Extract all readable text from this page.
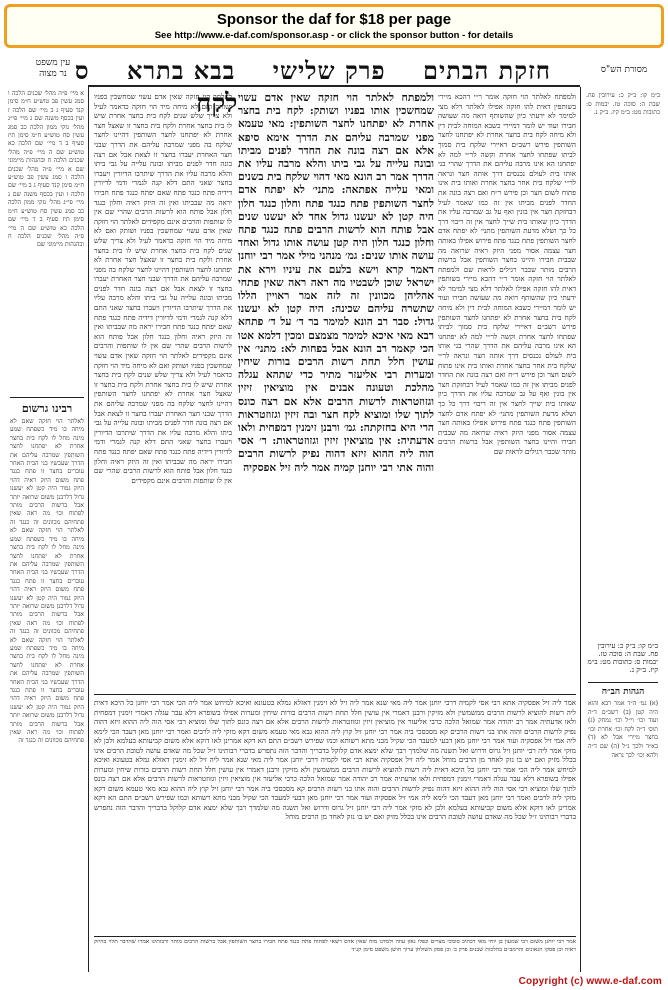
Sponsor the daf for $18 per page
See http://www.e-daf.com/sponsor.asp - or click the sponsor button - for details
חזקת הבתים    פרק שלישי    בבא בתרא    ס
עין משפט
נר מצוה	מסורת הש"ס
א מיי׳ פ״ה מהל׳ שכנים הלכה ו סמג עשין פב טוש״ע ח״מ סימן קנד סעיף ג ב מיי׳ שם הלכה ז ועין בכסף משנה שם ג מיי׳ פי״ג מהל׳ נזקי ממון הלכה כב סמג עשין סח טוש״ע ח״מ סימן תיז סעיף ב ד מיי׳ שם הלכה כא טוש״ע שם ה מיי׳ פ״ה מהל׳ שכנים הלכה ח ובהגהות מיימוני שם א מיי׳ פ״ה מהל׳ שכנים הלכה ו סמג עשין פב טוש״ע ח״מ סימן קנד סעיף ג ב מיי׳ שם הלכה ז ועין בכסף משנה שם ג מיי׳ פי״ג מהל׳ נזקי ממון הלכה כב סמג עשין סח טוש״ע ח״מ סימן תיז סעיף ב ד מיי׳ שם הלכה כא טוש״ע שם ה מיי׳ פ״ה מהל׳ שכנים הלכה ח ובהגהות מיימוני שם
רבינו גרשום
לאלתר הוי חזקה שאם לא מיחה בו מיד כשפתח שמע מינה מחל לו לקח בית בחצר אחרת לא יפתחנו לחצר השותפין שמרבה עליהם את הדרך שעכשיו בני הבית האחר עוברים בחצר זו פתח כנגד פתח משום היזק ראיה דהוי היזק גמור היה קטן לא יעשנו גדול דלרבנן משום שרואה יותר אבל ברשות הרבים מותר לפתוח וכו׳ מה ראה שאין פתחיהם מכוונים זה כנגד זה לאלתר הוי חזקה שאם לא מיחה בו מיד כשפתח שמע מינה מחל לו לקח בית בחצר אחרת לא יפתחנו לחצר השותפין שמרבה עליהם את הדרך שעכשיו בני הבית האחר עוברים בחצר זו פתח כנגד פתח משום היזק ראיה דהוי היזק גמור היה קטן לא יעשנו גדול דלרבנן משום שרואה יותר אבל ברשות הרבים מותר לפתוח וכו׳ מה ראה שאין פתחיהם מכוונים זה כנגד זה לאלתר הוי חזקה שאם לא מיחה בו מיד כשפתח שמע מינה מחל לו לקח בית בחצר אחרת לא יפתחנו לחצר השותפין שמרבה עליהם את הדרך שעכשיו בני הבית האחר עוברים בחצר זו פתח כנגד פתח משום היזק ראיה דהוי היזק גמור היה קטן לא יעשנו גדול דלרבנן משום שרואה יותר אבל ברשות הרבים מותר לפתוח וכו׳ מה ראה שאין פתחיהם מכוונים זה כנגד זה
ב״מ קו: ב״ק כ: עירובין פח. שבת ה: סוכה טז. יבמות ס: כתובות מט: ב״מ קיז. ב״ק נ.
ב״מ קו: ב״ק כ: עירובין פח. שבת ה: סוכה טז. יבמות ס: כתובות מט: ב״מ קיז. ב״ק נ.
הגהות הב״ח
(א) גמ׳ ה״ד אמר רבא והוא היה קטן (ב) רשב״ם ד״ה ועוד וכו׳ וי״ל וכו׳ נמחק (ג) תוס׳ ד״ה לקח וכו׳ אחרת וכו׳ בחצר מיירי אבל לא (ד) בא״ד ולכך נ״ל (ה) שם ד״ה ולהא וכו׳ לכך נראה
ולמפתח לאלתר הוי חזקה אומר ר״י דהכא מיירי בשותפין דאית להו חזקה אפילו לאלתר דלא מצי למימר לא ידעתי כיון שהשותף רואה מה שעושה חבירו ועוד יש לומר דמיירי כשבא המוחה לבית דין ולא מיחה לקח בית בחצר אחרת לא יפתחנו לחצר השותפין פירש רשב״ם דאיירי שלקח בית סמוך לביתו שפתחו לחצר אחרת וקשה לר״י למה לא יפתחנו הא אינו מרבה עליהם את הדרך שהרי בני אותו בית לעולם נכנסים דרך אותה חצר ונראה לר״י שלקח בית אחר בחצר אחרת ואותו בית אינו פתוח לשום חצר וכן פירש ר״ח ואם רצה בונה את החדר לפנים מביתו אין זה כמו שאמר לעיל דבחזקת חצר אין בונין ואף על גב שמרבה עליו את הדרך כיון שאותו בית שייך לחצר אין זה ריבוי דרך כל כך ושלא מדעת השותפין מתני׳ לא יפתח אדם לחצר השותפין פתח כנגד פתח פירוש אפילו באותה חצר עצמה אסור מפני היזק ראיה שרואה מה שבבית חבירו והיינו בחצר השותפין אבל ברשות הרבים מותר שכבר רגילים לראות שם ולמפתח לאלתר הוי חזקה אומר ר״י דהכא מיירי בשותפין דאית להו חזקה אפילו לאלתר דלא מצי למימר לא ידעתי כיון שהשותף רואה מה שעושה חבירו ועוד יש לומר דמיירי כשבא המוחה לבית דין ולא מיחה לקח בית בחצר אחרת לא יפתחנו לחצר השותפין פירש רשב״ם דאיירי שלקח בית סמוך לביתו שפתחו לחצר אחרת וקשה לר״י למה לא יפתחנו הא אינו מרבה עליהם את הדרך שהרי בני אותו בית לעולם נכנסים דרך אותה חצר ונראה לר״י שלקח בית אחר בחצר אחרת ואותו בית אינו פתוח לשום חצר וכן פירש ר״ח ואם רצה בונה את החדר לפנים מביתו אין זה כמו שאמר לעיל דבחזקת חצר אין בונין ואף על גב שמרבה עליו את הדרך כיון שאותו בית שייך לחצר אין זה ריבוי דרך כל כך ושלא מדעת השותפין מתני׳ לא יפתח אדם לחצר השותפין פתח כנגד פתח פירוש אפילו באותה חצר עצמה אסור מפני היזק ראיה שרואה מה שבבית חבירו והיינו בחצר השותפין אבל ברשות הרבים מותר שכבר רגילים לראות שם
לאלתר הוי חזקה שאין אדם עשוי שמחשכין בפניו ושותק ואם לא מיחה מיד הוי חזקה כדאמר לעיל ולא צריך שלש שנים לקח בית בחצר אחרת שיש לו בית בחצר אחרת ולקח בית בחצר זו שאצל חצר אחרת לא יפתחנו לחצר השותפין דהיינו לחצר שלקח בה מפני שמרבה עליהם את הדרך שבני חצר האחרת יעברו בחצר זו לצאת אבל אם רצה בונה חדר לפנים מביתו ובונה עלייה על גבי ביתו והלא מרבה עליו את הדרך שיתרבו הדיורין ויעברו בחצר שאני התם דלא קנה לגמרי ודמי לדיורין דידיה פתח כנגד פתח שאם יפתח כנגד פתח חבירו יראה מה שבביתו ואין זה היזק ראיה וחלון כנגד חלון אבל פותח הוא לרשות הרבים שהרי שם אין לו שותפות והרבים אינם מקפידים לאלתר הוי חזקה שאין אדם עשוי שמחשכין בפניו ושותק ואם לא מיחה מיד הוי חזקה כדאמר לעיל ולא צריך שלש שנים לקח בית בחצר אחרת שיש לו בית בחצר אחרת ולקח בית בחצר זו שאצל חצר אחרת לא יפתחנו לחצר השותפין דהיינו לחצר שלקח בה מפני שמרבה עליהם את הדרך שבני חצר האחרת יעברו בחצר זו לצאת אבל אם רצה בונה חדר לפנים מביתו ובונה עלייה על גבי ביתו והלא מרבה עליו את הדרך שיתרבו הדיורין ויעברו בחצר שאני התם דלא קנה לגמרי ודמי לדיורין דידיה פתח כנגד פתח שאם יפתח כנגד פתח חבירו יראה מה שבביתו ואין זה היזק ראיה וחלון כנגד חלון אבל פותח הוא לרשות הרבים שהרי שם אין לו שותפות והרבים אינם מקפידים לאלתר הוי חזקה שאין אדם עשוי שמחשכין בפניו ושותק ואם לא מיחה מיד הוי חזקה כדאמר לעיל ולא צריך שלש שנים לקח בית בחצר אחרת שיש לו בית בחצר אחרת ולקח בית בחצר זו שאצל חצר אחרת לא יפתחנו לחצר השותפין דהיינו לחצר שלקח בה מפני שמרבה עליהם את הדרך שבני חצר האחרת יעברו בחצר זו לצאת אבל אם רצה בונה חדר לפנים מביתו ובונה עלייה על גבי ביתו והלא מרבה עליו את הדרך שיתרבו הדיורין ויעברו בחצר שאני התם דלא קנה לגמרי ודמי לדיורין דידיה פתח כנגד פתח שאם יפתח כנגד פתח חבירו יראה מה שבביתו ואין זה היזק ראיה וחלון כנגד חלון אבל פותח הוא לרשות הרבים שהרי שם אין לו שותפות והרבים אינם מקפידים
לקח ולמפתח לאלתר הוי חזקה שאין אדם עשוי שמחשכין אותו בפניו ושותק: לקח בית בחצר אחרת לא יפתחנו לחצר השותפין: מאי טעמא מפני שמרבה עליהם את הדרך אימא סיפא אלא אם רצה בונה את החדר לפנים מביתו ובונה עלייה על גבי ביתו והלא מרבה עליו את הדרך אמר רב הונא מאי דהוי שלקח בית בשנים ומאי עלייה אפתאה: מתני׳ לא יפתח אדם לחצר השותפין פתח כנגד פתח וחלון כנגד חלון היה קטן לא יעשנו גדול אחד לא יעשנו שנים אבל פותח הוא לרשות הרבים פתח כנגד פתח וחלון כנגד חלון היה קטן עושה אותו גדול ואחד עושה אותו שנים: גמ׳ מנהני מילי אמר רבי יוחנן דאמר קרא וישא בלעם את עיניו וירא את ישראל שוכן לשבטיו מה ראה ראה שאין פתחי אהליהן מכוונין זה לזה אמר ראויין הללו שתשרה עליהם שכינה: היה קטן לא יעשנו גדול: סבר רב הונא למימר בר ד׳ על ד׳ פתחא רבא מאי איכא למימר מצמצם ומכין דלמא אטו הכי קאמר רב הונא אבל בפחות לא: מתני׳ אין עושין חלל תחת רשות הרבים בורות שיחין ומערות רבי אליעזר מתיר כדי שתהא עגלה מהלכת וטעונה אבנים אין מוציאין זיזין וגזוזטראות לרשות הרבים אלא אם רצה כונס לתוך שלו ומוציא לקח חצר ובה זיזין וגזוזטראות הרי היא בחזקתה: גמ׳ ורבנן זימנין דמפחית ולאו אדעתיה: אין מוציאין זיזין וגזוזטראות: ר׳ אסי הוה ליה ההוא זיזא דהוה נפיק לרשות הרבים והוה אתי רבי יוחנן קמיה אמר ליה זיל אפסקיה
אמר ליה זיל אפסקיה אתא רבי אסי לקמיה דרבי יוחנן אמר ליה מאי שנא אמר ליה זיל לא זימנין דאזלא גמלא בטעונא ואיכא למיחש אמר ליה הכי אמר רבי יוחנן כל היכא דאית ליה רשות להוציא לרשות הרבים ממשמשין ולא מזיקין ורבנן דאמרי אין עושין חלל תחת רשות הרבים בורות שיחין ומערות אפילו בשופרא דלא עבר עגלה דאמרי זימנין דמפחית ולאו אדעתיה אמר רב יהודה אמר שמואל הלכה כרבי אליעזר אין מוציאין זיזין וגזוזטראות לרשות הרבים אלא אם רצה כונס לתוך שלו ומוציא רבי אסי הוה ליה ההוא זיזא דהוה נפיק לרשות הרבים והוה אתו בני רשות הרבים קא מסכסכי ביה אמר רבי יוחנן זיל קוץ ליה ההוא גבא מאי טעמא משום דקא מזקי ליה לרבים ואמר רבי יוחנן מאן דעבד הכי לימא ליה אמי זיל אפסקיה ועוד אמר רבי יוחנן מאן דבעי למעבד הכי שקיל מבני מתא רשותא וכמו שפירש רשב״ם התם הא דקא אמרינן לאו דוקא אלא משום קביעותא בעלמא ולכן לא מזקי אמר ליה רבי יוחנן זיל גרוס ודרוש ואל תשנה מה שלמדך רבך שלא ימצא אדם קלוקל בדבריך והדבר הזה נתפרש בדברי רבותינו ז״ל שכל מה שאדם עושה לטובת הרבים אינו בכלל מזיק ואם יש בו נזק לאחד מן הרבים מוחל אמר ליה זיל אפסקיה אתא רבי אסי לקמיה דרבי יוחנן אמר ליה מאי שנא אמר ליה זיל לא זימנין דאזלא גמלא בטעונא ואיכא למיחש אמר ליה הכי אמר רבי יוחנן כל היכא דאית ליה רשות להוציא לרשות הרבים ממשמשין ולא מזיקין ורבנן דאמרי אין עושין חלל תחת רשות הרבים בורות שיחין ומערות אפילו בשופרא דלא עבר עגלה דאמרי זימנין דמפחית ולאו אדעתיה אמר רב יהודה אמר שמואל הלכה כרבי אליעזר אין מוציאין זיזין וגזוזטראות לרשות הרבים אלא אם רצה כונס לתוך שלו ומוציא רבי אסי הוה ליה ההוא זיזא דהוה נפיק לרשות הרבים והוה אתו בני רשות הרבים קא מסכסכי ביה אמר רבי יוחנן זיל קוץ ליה ההוא גבא מאי טעמא משום דקא מזקי ליה לרבים ואמר רבי יוחנן מאן דעבד הכי לימא ליה אמי זיל אפסקיה ועוד אמר רבי יוחנן מאן דבעי למעבד הכי שקיל מבני מתא רשותא וכמו שפירש רשב״ם התם הא דקא אמרינן לאו דוקא אלא משום קביעותא בעלמא ולכן לא מזקי אמר ליה רבי יוחנן זיל גרוס ודרוש ואל תשנה מה שלמדך רבך שלא ימצא אדם קלוקל בדבריך והדבר הזה נתפרש בדברי רבותינו ז״ל שכל מה שאדם עושה לטובת הרבים אינו בכלל מזיק ואם יש בו נזק לאחד מן הרבים מוחל
אמר רבי יוחנן משום רבי שמעון בן יוחי מאי דכתיב סומכי מצרים ונפלו גאון עוזה ולמדנו מזה שאין אדם רשאי לפתוח פתח כנגד פתח חבירו בחצר השותפין אבל ברשות הרבים מותר ורבותינו אמרו שהדבר תלוי בהיזק ראיה וכן פסקו הגאונים והרמב״ם בהלכות שכנים פרק ב׳ וכן פסק השולחן ערוך חושן משפט סימן קנ״ד
Copyright (c) www.e-daf.com
